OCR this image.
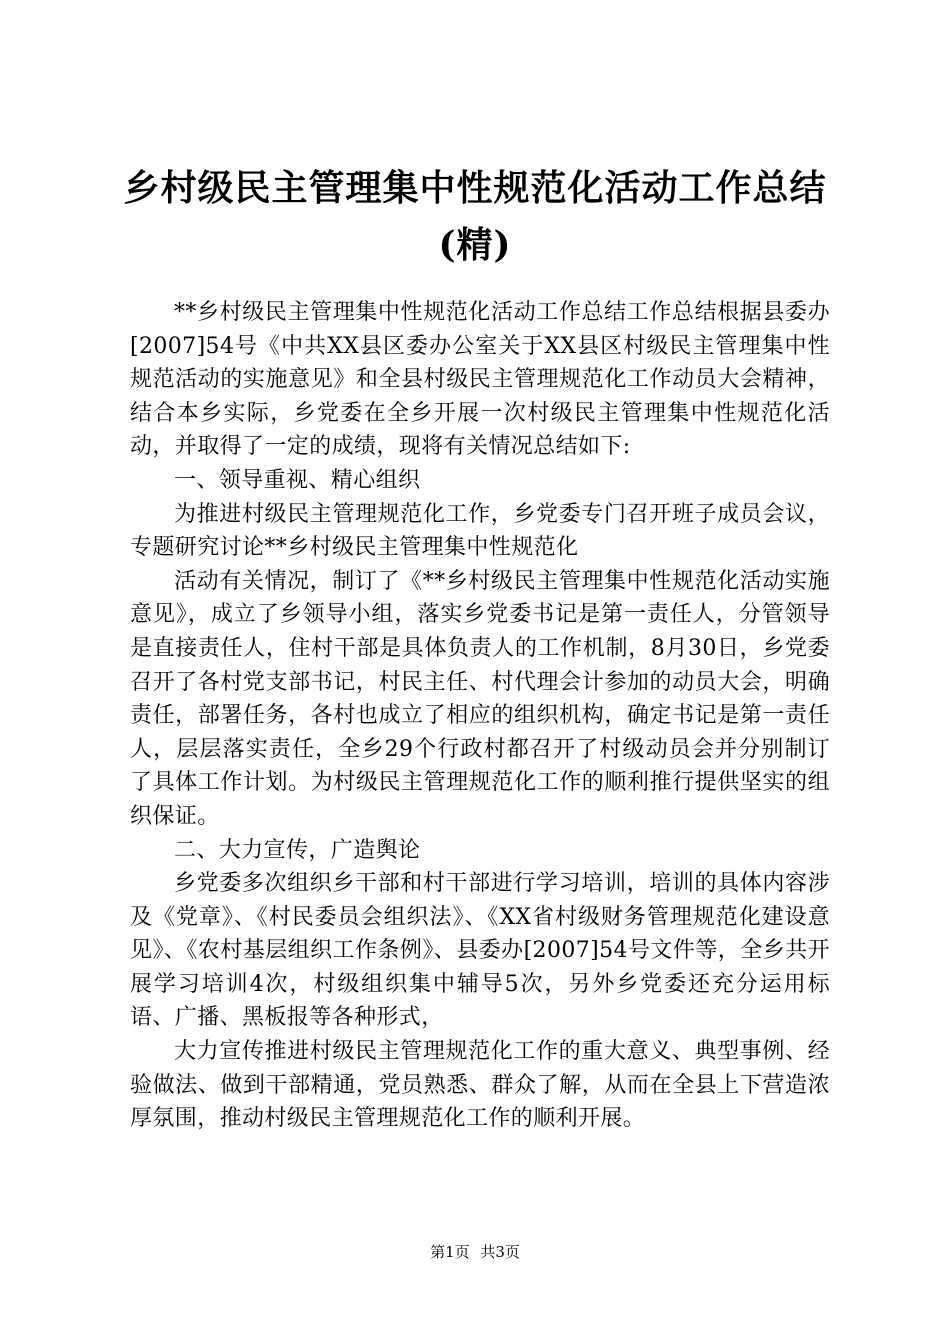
乡村级民主管理集中性规范化活动工作总结
(精)

**乡村级民主管理集中性规范化活动工作总结工作总结根据县委办[2007]54号《中共XX县区委办公室关于XX县区村级民主管理集中性规范活动的实施意见》和全县村级民主管理规范化工作动员大会精神，结合本乡实际，乡党委在全乡开展一次村级民主管理集中性规范化活动，并取得了一定的成绩，现将有关情况总结如下:

一、领导重视、精心组织

为推进村级民主管理规范化工作，乡党委专门召开班子成员会议，专题研究讨论**乡村级民主管理集中性规范化

活动有关情况，制订了《**乡村级民主管理集中性规范化活动实施意见》，成立了乡领导小组，落实乡党委书记是第一责任人，分管领导是直接责任人，住村干部是具体负责人的工作机制，8月30日，乡党委召开了各村党支部书记，村民主任、村代理会计参加的动员大会，明确责任，部署任务，各村也成立了相应的组织机构，确定书记是第一责任人，层层落实责任，全乡29个行政村都召开了村级动员会并分别制订了具体工作计划。为村级民主管理规范化工作的顺利推行提供坚实的组织保证。

二、大力宣传，广造舆论

乡党委多次组织乡干部和村干部进行学习培训，培训的具体内容涉及《党章》、《村民委员会组织法》、《XX省村级财务管理规范化建设意见》、《农村基层组织工作条例》、县委办[2007]54号文件等，全乡共开展学习培训4次，村级组织集中辅导5次，另外乡党委还充分运用标语、广播、黑板报等各种形式，

大力宣传推进村级民主管理规范化工作的重大意义、典型事例、经验做法、做到干部精通，党员熟悉、群众了解，从而在全县上下营造浓厚氛围，推动村级民主管理规范化工作的顺利开展。

第1页 共3页
